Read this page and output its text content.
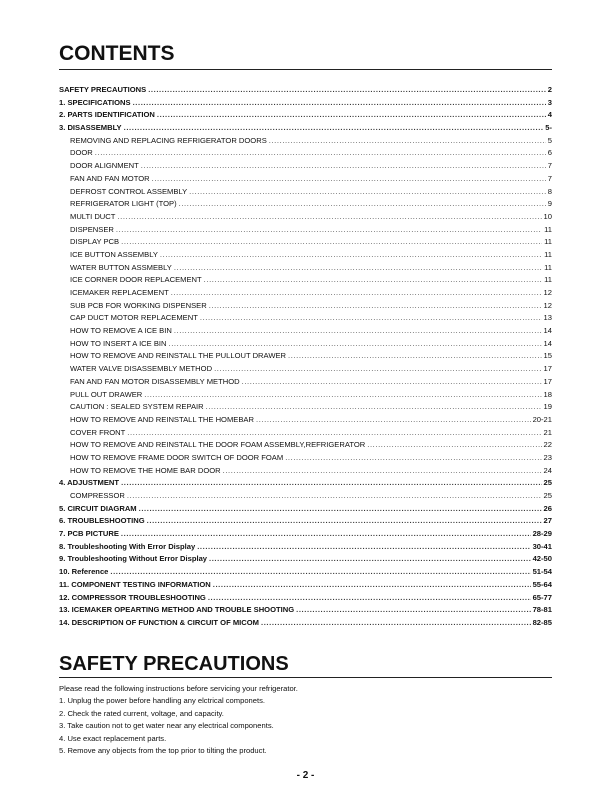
CONTENTS
SAFETY PRECAUTIONS .....	2
1. SPECIFICATIONS .....	3
2. PARTS IDENTIFICATION .....	4
3. DISASSEMBLY .....	5-
REMOVING AND REPLACING REFRIGERATOR DOORS .....	5
DOOR .....	6
DOOR ALIGNMENT .....	7
FAN AND FAN MOTOR .....	7
DEFROST CONTROL ASSEMBLY .....	8
REFRIGERATOR LIGHT (TOP) .....	9
MULTI DUCT .....	10
DISPENSER .....	11
DISPLAY PCB .....	11
ICE BUTTON ASSEMBLY .....	11
WATER BUTTON ASSMEBLY .....	11
ICE CORNER DOOR REPLACEMENT .....	11
ICEMAKER REPLACEMENT .....	12
SUB PCB FOR WORKING DISPENSER .....	12
CAP DUCT MOTOR REPLACEMENT .....	13
HOW TO REMOVE A ICE BIN .....	14
HOW TO INSERT A ICE BIN .....	14
HOW TO REMOVE AND REINSTALL THE PULLOUT DRAWER .....	15
WATER VALVE DISASSEMBLY METHOD .....	17
FAN AND FAN MOTOR DISASSEMBLY METHOD .....	17
PULL OUT DRAWER .....	18
CAUTION : SEALED SYSTEM REPAIR .....	19
HOW TO REMOVE AND REINSTALL THE HOMEBAR .....	20-21
COVER FRONT .....	21
HOW TO REMOVE AND REINSTALL THE DOOR FOAM ASSEMBLY,REFRIGERATOR .....	22
HOW TO REMOVE FRAME DOOR SWITCH OF DOOR FOAM .....	23
HOW TO REMOVE THE HOME BAR DOOR .....	24
4. ADJUSTMENT .....	25
COMPRESSOR .....	25
5. CIRCUIT DIAGRAM .....	26
6. TROUBLESHOOTING .....	27
7. PCB PICTURE .....	28-29
8. Troubleshooting With Error Display .....	30-41
9. Troubleshooting Without Error Display .....	42-50
10. Reference .....	51-54
11. COMPONENT TESTING INFORMATION .....	55-64
12. COMPRESSOR TROUBLESHOOTING .....	65-77
13. ICEMAKER OPEARTING METHOD AND TROUBLE SHOOTING .....	78-81
14. DESCRIPTION OF FUNCTION & CIRCUIT OF MICOM .....	82-85
SAFETY PRECAUTIONS

Please read the following instructions before servicing your refrigerator.

1. Unplug the power before handling any elctrical componets.
2. Check the rated current, voltage, and capacity.
3. Take caution not to get water near any electrical components.
4. Use exact replacement parts.
5. Remove any objects from the top prior to tilting the product.
- 2 -
